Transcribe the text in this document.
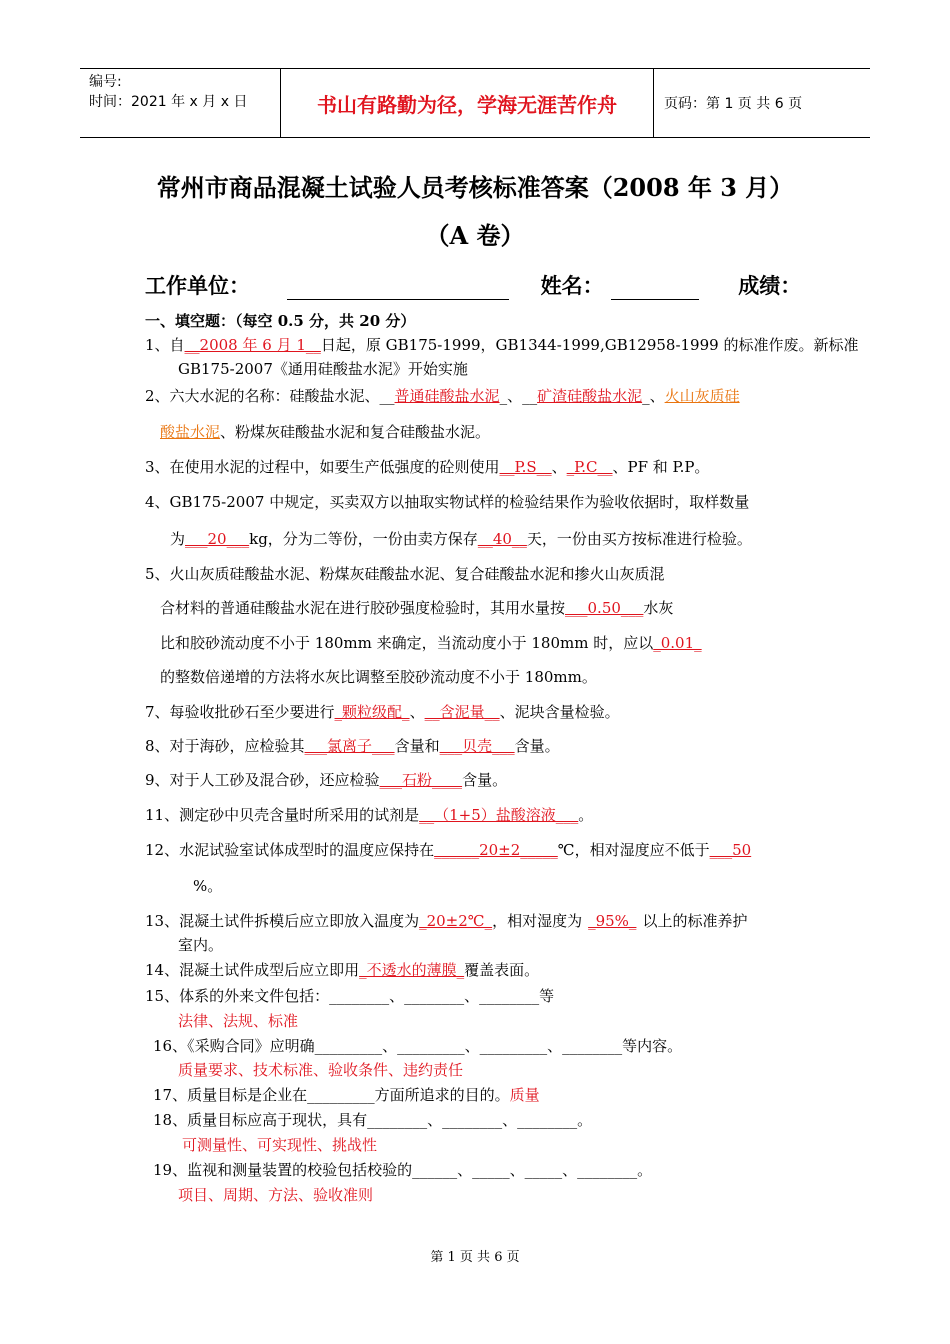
编号:
时间：2021 年 x 月 x 日	书山有路勤为径，学海无涯苦作舟	页码：第 1 页 共 6 页
常州市商品混凝土试验人员考核标准答案（2008 年 3 月）
（A 卷）
工作单位：	姓名：	成绩：
一、填空题：（每空 0.5 分，共 20 分）
1、自__2008 年 6 月 1__日起，原 GB175-1999，GB1344-1999,GB12958-1999 的标准作废。新标准
GB175-2007《通用硅酸盐水泥》开始实施
2、六大水泥的名称：硅酸盐水泥、__普通硅酸盐水泥_、__矿渣硅酸盐水泥_、火山灰质硅
酸盐水泥、粉煤灰硅酸盐水泥和复合硅酸盐水泥。
3、在使用水泥的过程中，如要生产低强度的砼则使用__P.S__、_P.C__、PF 和 P.P。
4、GB175-2007 中规定，买卖双方以抽取实物试样的检验结果作为验收依据时，取样数量
为___20___kg，分为二等份，一份由卖方保存__40__天，一份由买方按标准进行检验。
5、火山灰质硅酸盐水泥、粉煤灰硅酸盐水泥、复合硅酸盐水泥和掺火山灰质混
合材料的普通硅酸盐水泥在进行胶砂强度检验时，其用水量按___0.50___水灰
比和胶砂流动度不小于 180mm 来确定，当流动度小于 180mm 时，应以_0.01_
的整数倍递增的方法将水灰比调整至胶砂流动度不小于 180mm。
7、每验收批砂石至少要进行_颗粒级配_、__含泥量__、泥块含量检验。
8、对于海砂，应检验其___氯离子___含量和___贝壳___含量。
9、对于人工砂及混合砂，还应检验___石粉____含量。
11、测定砂中贝壳含量时所采用的试剂是__（1+5）盐酸溶液___。
12、水泥试验室试体成型时的温度应保持在______20±2_____℃，相对湿度应不低于___50
%。
13、混凝土试件拆模后应立即放入温度为_20±2℃_，相对湿度为 _95%_ 以上的标准养护
室内。
14、混凝土试件成型后应立即用_不透水的薄膜_覆盖表面。
15、体系的外来文件包括：________、________、________等
法律、法规、标准
16、《采购合同》应明确_________、_________、_________、________等内容。
质量要求、技术标准、验收条件、违约责任
17、质量目标是企业在_________方面所追求的目的。质量
18、质量目标应高于现状，具有________、________、________。
可测量性、可实现性、挑战性
19、监视和测量装置的校验包括校验的______、_____、_____、________。
项目、周期、方法、验收准则
第 1 页 共 6 页
